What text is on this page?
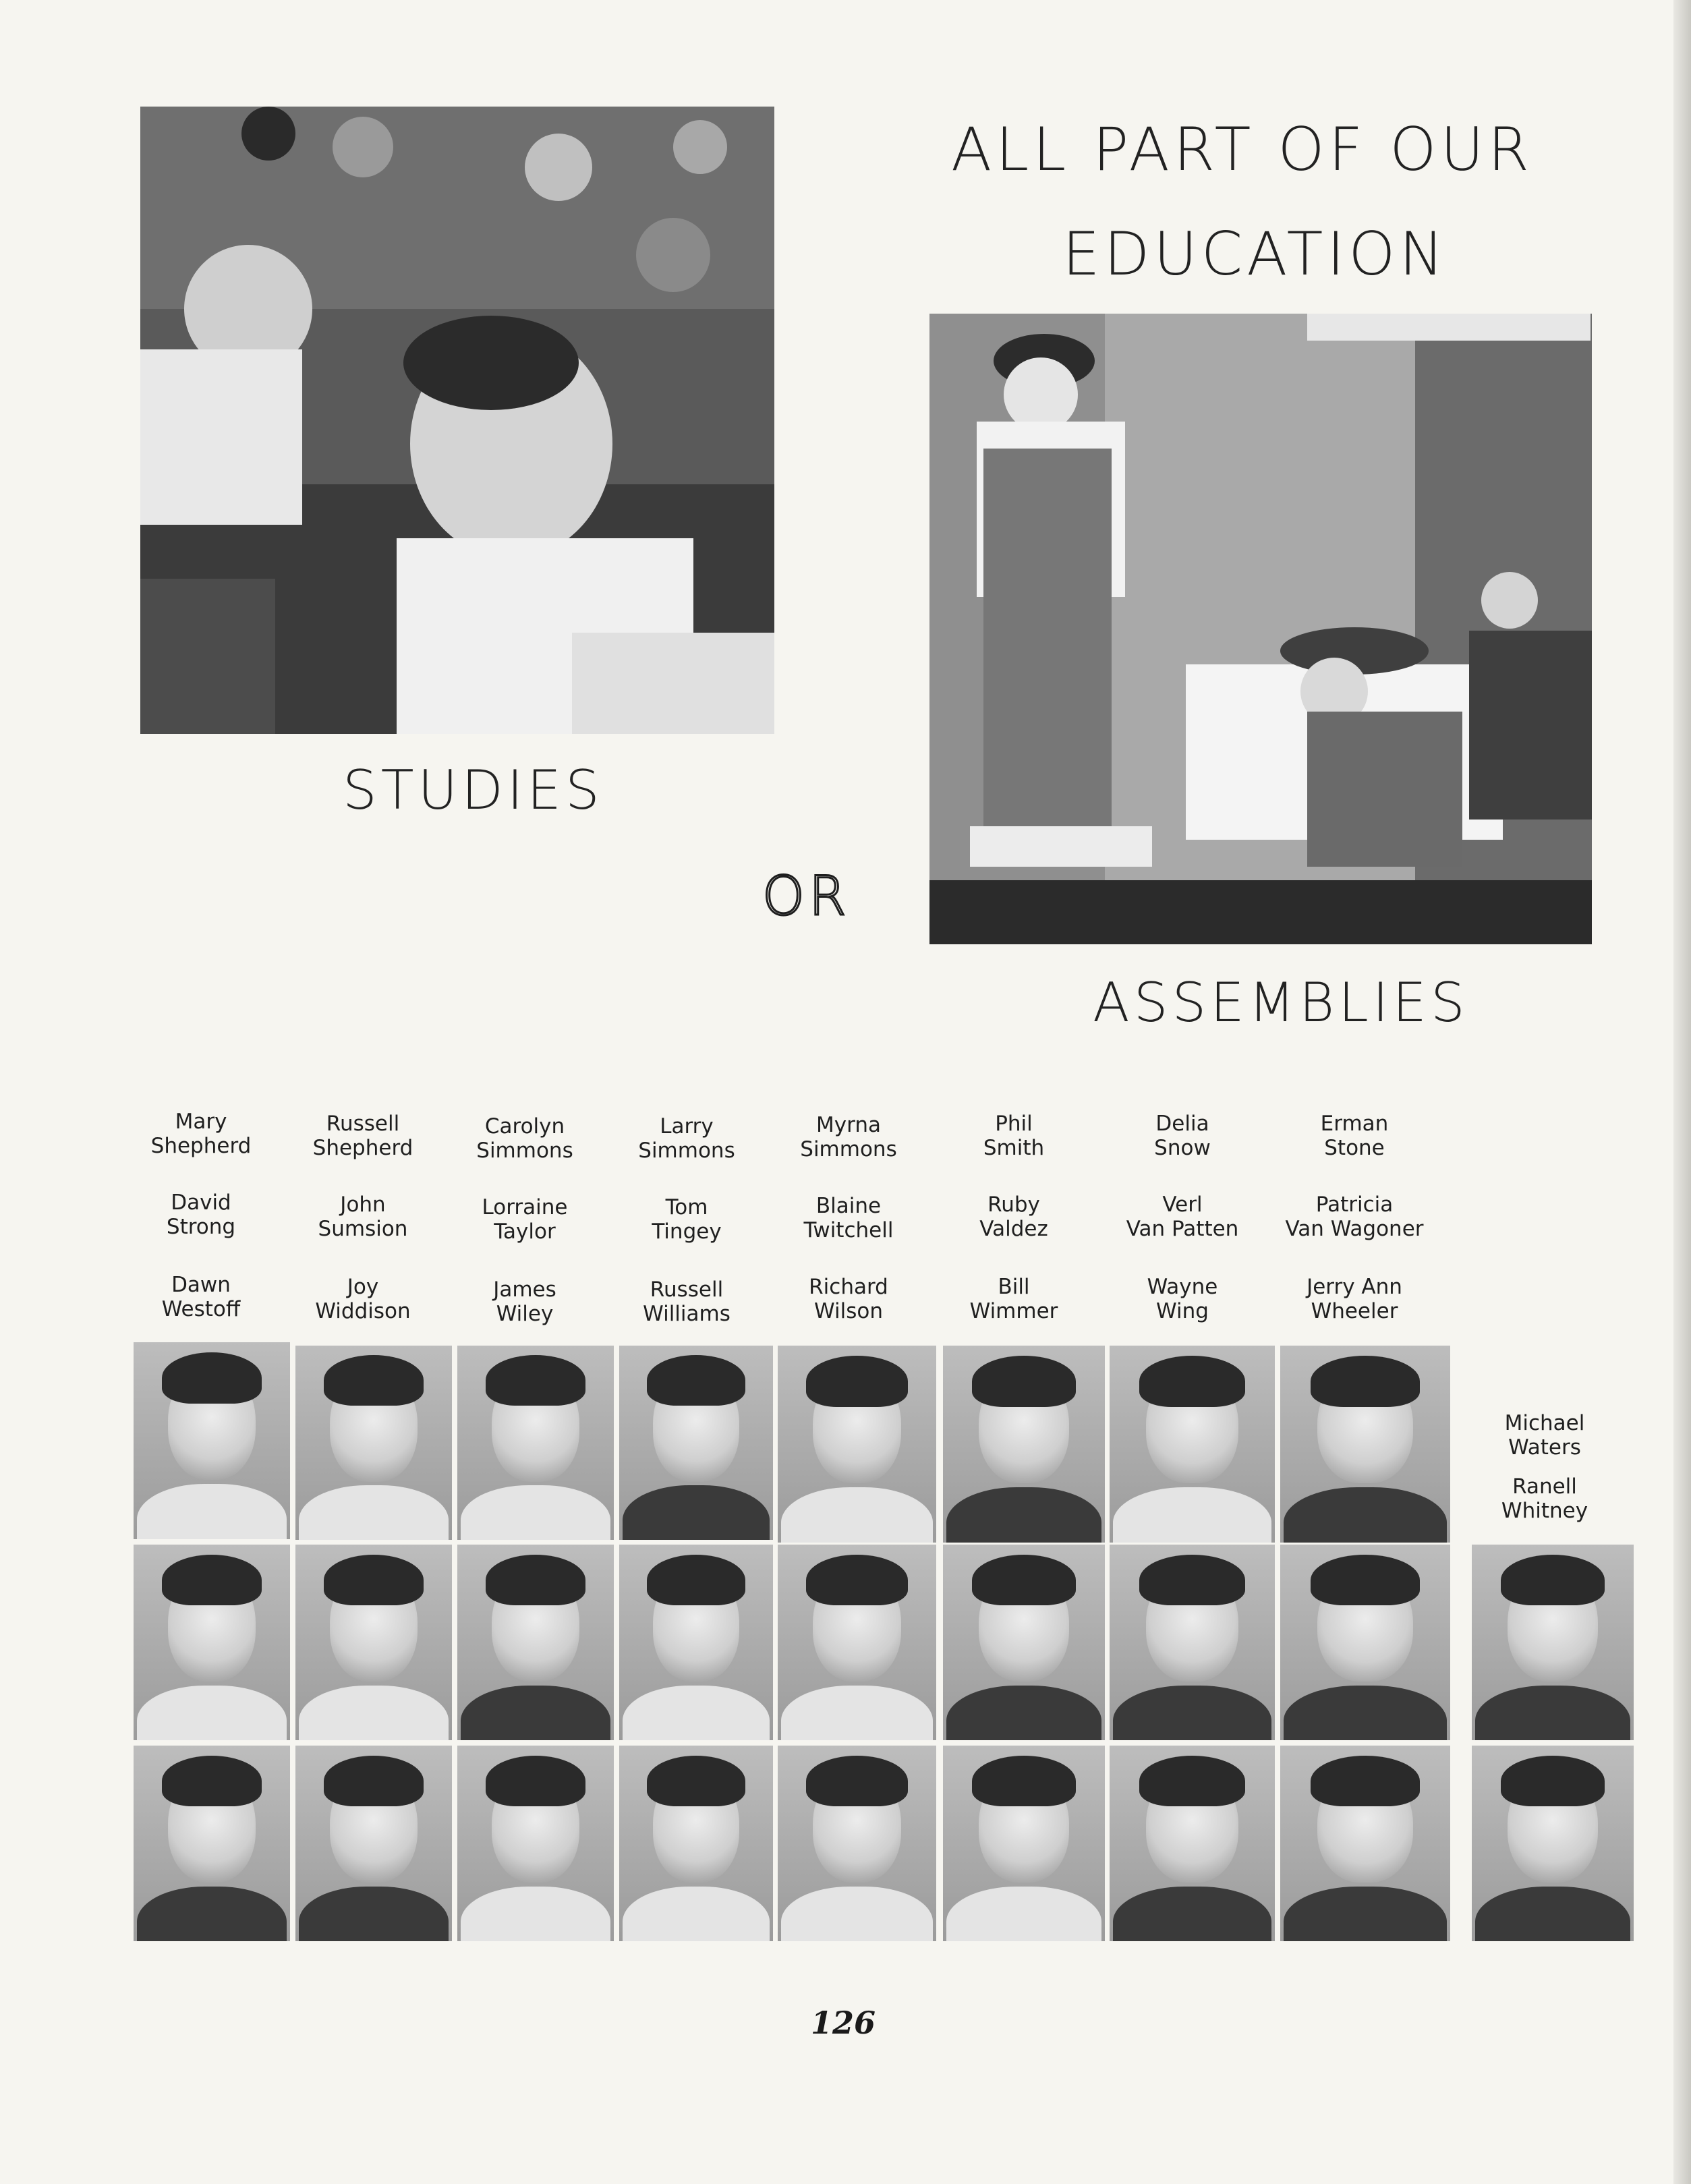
ALL PART OF OUR
EDUCATION
STUDIES
OR
ASSEMBLIES
Mary
Shepherd
Russell
Shepherd
Carolyn
Simmons
Larry
Simmons
Myrna
Simmons
Phil
Smith
Delia
Snow
Erman
Stone
David
Strong
John
Sumsion
Lorraine
Taylor
Tom
Tingey
Blaine
Twitchell
Ruby
Valdez
Verl
Van Patten
Patricia
Van Wagoner
Dawn
Westoff
Joy
Widdison
James
Wiley
Russell
Williams
Richard
Wilson
Bill
Wimmer
Wayne
Wing
Jerry Ann
Wheeler
Michael
Waters
Ranell
Whitney
126
